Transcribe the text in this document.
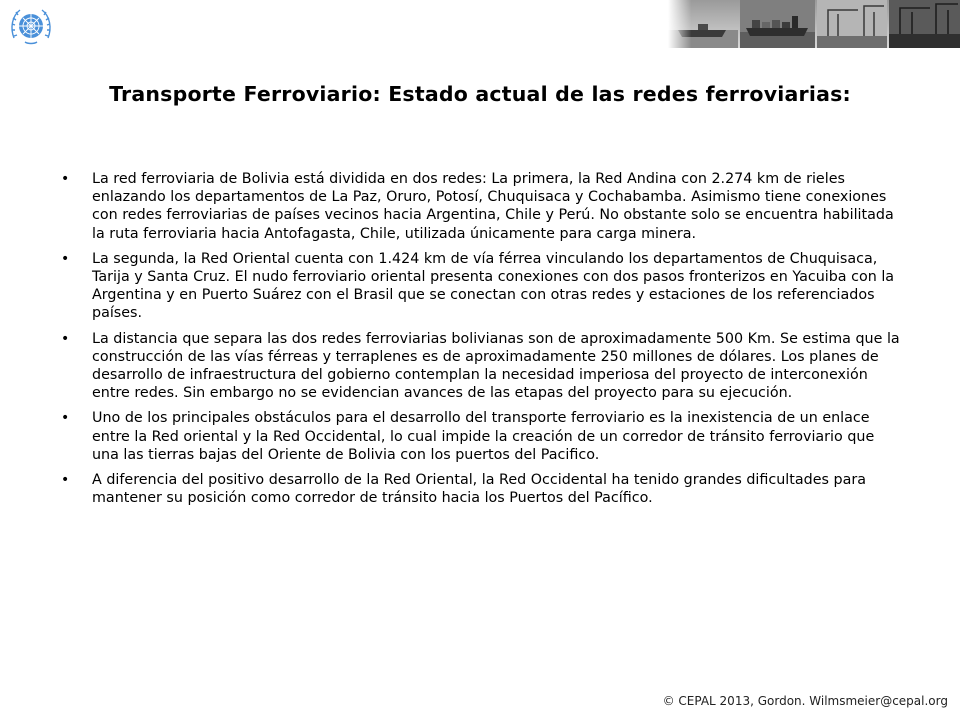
Transporte Ferroviario: Estado actual de las redes ferroviarias:
• La red ferroviaria de Bolivia está dividida en dos redes: La primera, la Red Andina con 2.274 km de rieles enlazando los departamentos de La Paz, Oruro, Potosí, Chuquisaca y Cochabamba. Asimismo tiene conexiones con redes ferroviarias de países vecinos hacia Argentina, Chile y Perú. No obstante solo se encuentra habilitada la ruta ferroviaria hacia Antofagasta, Chile, utilizada únicamente para carga minera.
• La segunda, la Red Oriental cuenta con 1.424 km de vía férrea vinculando los departamentos de Chuquisaca, Tarija y Santa Cruz. El nudo ferroviario oriental presenta conexiones con dos pasos fronterizos en Yacuiba con la Argentina y en Puerto Suárez con el Brasil que se conectan con otras redes y estaciones de los referenciados países.
• La distancia que separa las dos redes ferroviarias bolivianas son de aproximadamente 500 Km. Se estima que la construcción de las vías férreas y terraplenes es de aproximadamente 250 millones de dólares. Los planes de desarrollo de infraestructura del gobierno contemplan la necesidad imperiosa del proyecto de interconexión entre redes. Sin embargo no se evidencian avances de las etapas del proyecto para su ejecución.
• Uno de los principales obstáculos para el desarrollo del transporte ferroviario es la inexistencia de un enlace entre la Red oriental y la Red Occidental, lo cual impide la creación de un corredor de tránsito ferroviario que una las tierras bajas del Oriente de Bolivia con los puertos del Pacifico.
• A diferencia del positivo desarrollo de la Red Oriental, la Red Occidental ha tenido grandes dificultades para mantener su posición como corredor de tránsito hacia los Puertos del Pacífico.
© CEPAL 2013, Gordon. Wilmsmeier@cepal.org
